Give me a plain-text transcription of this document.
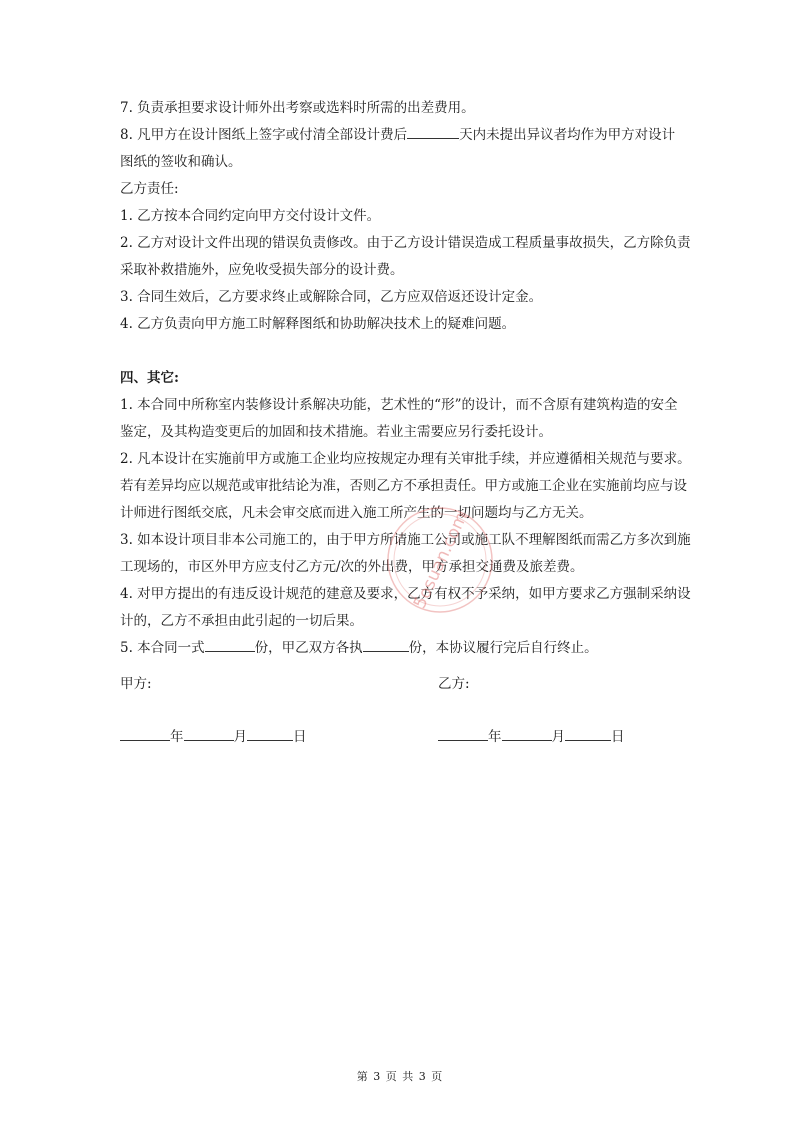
7. 负责承担要求设计师外出考察或选料时所需的出差费用。

8. 凡甲方在设计图纸上签字或付清全部设计费后	天内未提出异议者均作为甲方对设计

图纸的签收和确认。

乙方责任:

1. 乙方按本合同约定向甲方交付设计文件。

2. 乙方对设计文件出现的错误负责修改。由于乙方设计错误造成工程质量事故损失，乙方除负责

采取补救措施外，应免收受损失部分的设计费。

3. 合同生效后，乙方要求终止或解除合同，乙方应双倍返还设计定金。

4. 乙方负责向甲方施工时解释图纸和协助解决技术上的疑难问题。

四、其它:

1. 本合同中所称室内装修设计系解决功能，艺术性的“形”的设计，而不含原有建筑构造的安全

鉴定，及其构造变更后的加固和技术措施。若业主需要应另行委托设计。

2. 凡本设计在实施前甲方或施工企业均应按规定办理有关审批手续，并应遵循相关规范与要求。

若有差异均应以规范或审批结论为准，否则乙方不承担责任。甲方或施工企业在实施前均应与设

计师进行图纸交底，凡未会审交底而进入施工所产生的一切问题均与乙方无关。

3. 如本设计项目非本公司施工的，由于甲方所请施工公司或施工队不理解图纸而需乙方多次到施

工现场的，市区外甲方应支付乙方元/次的外出费，甲方承担交通费及旅差费。

4. 对甲方提出的有违反设计规范的建意及要求，乙方有权不予采纳，如甲方要求乙方强制采纳设

计的，乙方不承担由此引起的一切后果。

5. 本合同一式	份，甲乙双方各执	份，本协议履行完后自行终止。

甲方:	乙方:
年	月	日	年	月	日
5osuan.com
第 3 页 共 3 页
